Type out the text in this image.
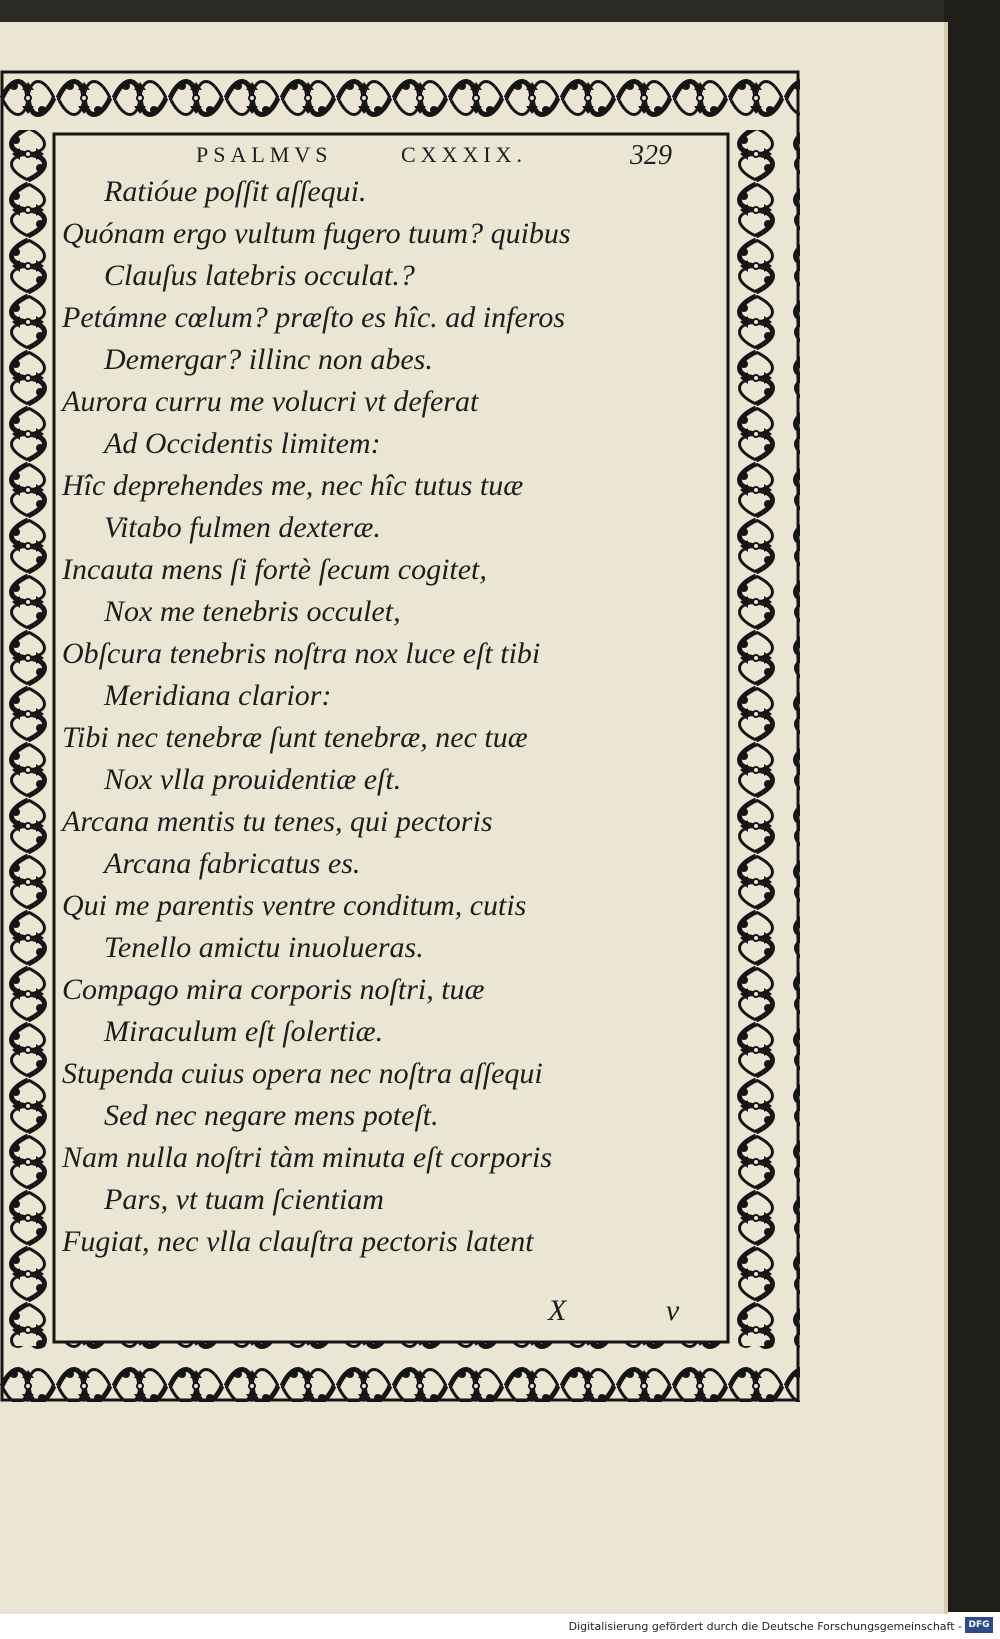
PSALMVS	CXXXIX.	329

Ratióue poſſit aſſequi.

Quónam ergo vultum fugero tuum? quibus

Clauſus latebris occulat.?

Petámne cœlum? præſto es hîc. ad inferos

Demergar? illinc non abes.

Aurora curru me volucri vt deferat

Ad Occidentis limitem:

Hîc deprehendes me, nec hîc tutus tuæ

Vitabo fulmen dexteræ.

Incauta mens ſi fortè ſecum cogitet,

Nox me tenebris occulet,

Obſcura tenebris noſtra nox luce eſt tibi

Meridiana clarior:

Tibi nec tenebræ ſunt tenebræ, nec tuæ

Nox vlla prouidentiæ eſt.

Arcana mentis tu tenes, qui pectoris

Arcana fabricatus es.

Qui me parentis ventre conditum, cutis

Tenello amictu inuolueras.

Compago mira corporis noſtri, tuæ

Miraculum eſt ſolertiæ.

Stupenda cuius opera nec noſtra aſſequi

Sed nec negare mens poteſt.

Nam nulla noſtri tàm minuta eſt corporis

Pars, vt tuam ſcientiam

Fugiat, nec vlla clauſtra pectoris latent

X v
Digitalisierung gefördert durch die Deutsche Forschungsgemeinschaft - DFG
